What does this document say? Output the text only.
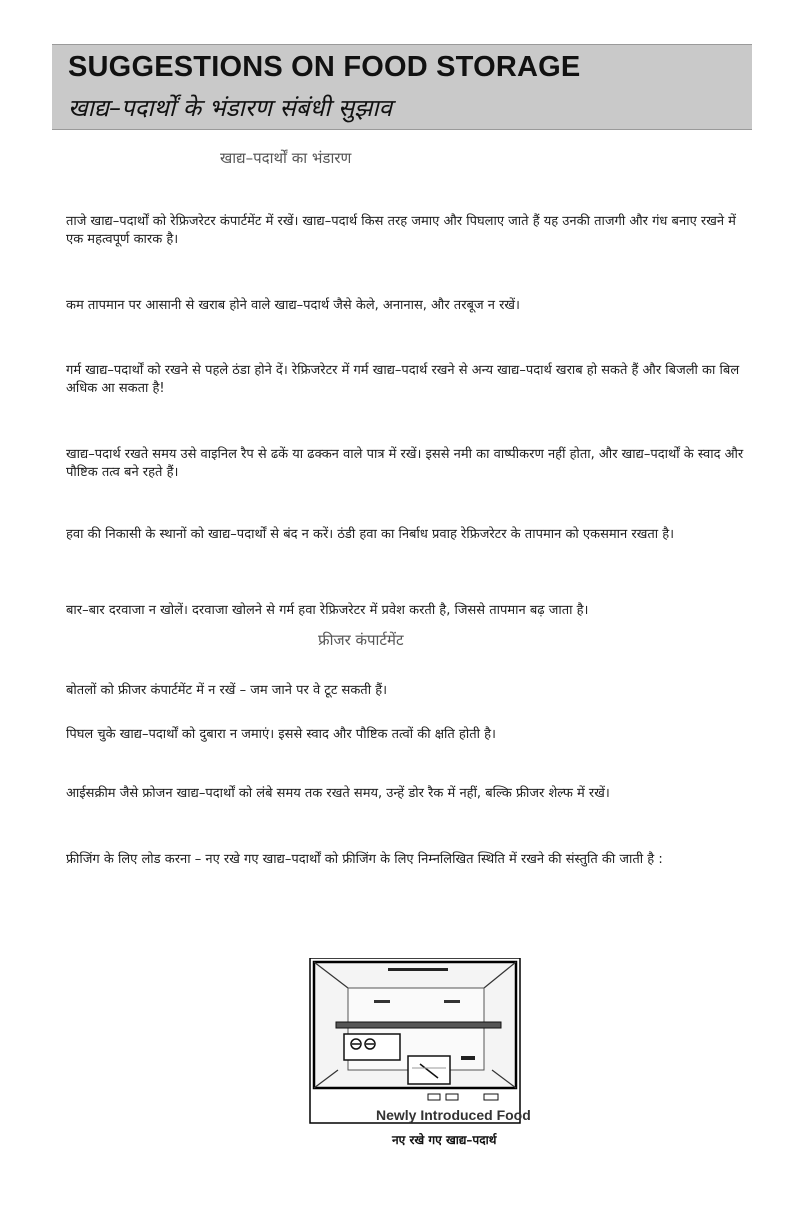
SUGGESTIONS ON FOOD STORAGE
खाद्य–पदार्थों के भंडारण संबंधी सुझाव
खाद्य–पदार्थों का भंडारण
ताजे खाद्य–पदार्थों को रेफ्रिजरेटर कंपार्टमेंट में रखें। खाद्य–पदार्थ किस तरह जमाए और पिघलाए जाते हैं यह उनकी ताजगी और गंध बनाए रखने में एक महत्वपूर्ण कारक है।
कम तापमान पर आसानी से खराब होने वाले खाद्य–पदार्थ जैसे केले, अनानास, और तरबूज न रखें।
गर्म खाद्य–पदार्थों को रखने से पहले ठंडा होने दें। रेफ्रिजरेटर में गर्म खाद्य–पदार्थ रखने से अन्य खाद्य–पदार्थ खराब हो सकते हैं और बिजली का बिल अधिक आ सकता है!
खाद्य–पदार्थ रखते समय उसे वाइनिल रैप से ढकें या ढक्कन वाले पात्र में रखें। इससे नमी का वाष्पीकरण नहीं होता, और खाद्य–पदार्थों के स्वाद और पौष्टिक तत्व बने रहते हैं।
हवा की निकासी के स्थानों को खाद्य–पदार्थों से बंद न करें। ठंडी हवा का निर्बाध प्रवाह रेफ्रिजरेटर के तापमान को एकसमान रखता है।
बार–बार दरवाजा न खोलें। दरवाजा खोलने से गर्म हवा रेफ्रिजरेटर में प्रवेश करती है, जिससे तापमान बढ़ जाता है।
फ्रीजर कंपार्टमेंट
बोतलों को फ्रीजर कंपार्टमेंट में न रखें – जम जाने पर वे टूट सकती हैं।
पिघल चुके खाद्य–पदार्थों को दुबारा न जमाएं। इससे स्वाद और पौष्टिक तत्वों की क्षति होती है।
आईसक्रीम जैसे फ्रोजन खाद्य–पदार्थों को लंबे समय तक रखते समय, उन्हें डोर रैक में नहीं, बल्कि फ्रीजर शेल्फ में रखें।
फ्रीजिंग के लिए लोड करना – नए रखे गए खाद्य–पदार्थों को फ्रीजिंग के लिए निम्नलिखित स्थिति में रखने की संस्तुति की जाती है :
Newly Introduced Food
नए रखे गए खाद्य–पदार्थ
